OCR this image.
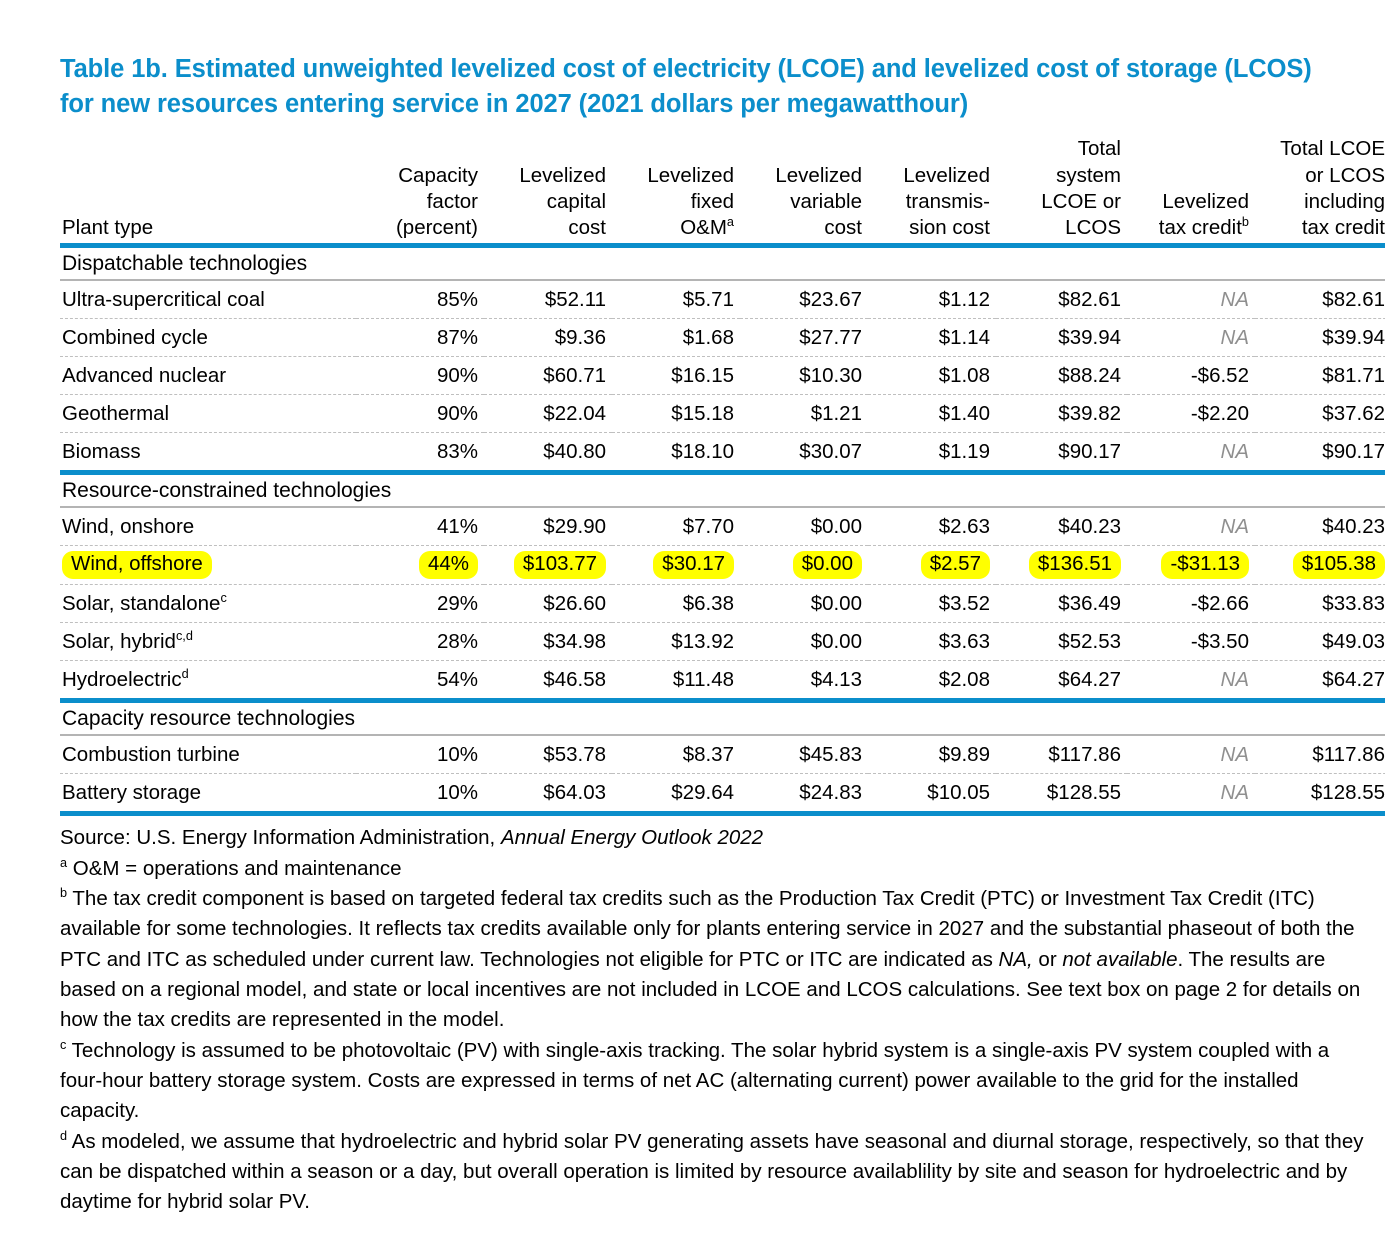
Table 1b. Estimated unweighted levelized cost of electricity (LCOE) and levelized cost of storage (LCOS) for new resources entering service in 2027 (2021 dollars per megawatthour)
Plant type	Capacity
factor
(percent)	Levelized
capital
cost	Levelized
fixed
$O\&M^a$	Levelized
variable
cost	Levelized
transmis-
sion cost	Total
system
LCOE or
LCOS	Levelized
tax credit$^b$	Total LCOE
or LCOS
including
tax credit
Dispatchable technologies								
Ultra-supercritical coal	85%	$52.11	$5.71	$23.67	$1.12	$82.61	NA	$82.61
Combined cycle	87%	$9.36	$1.68	$27.77	$1.14	$39.94	NA	$39.94
Advanced nuclear	90%	$60.71	$16.15	$10.30	$1.08	$88.24	-$6.52	$81.71
Geothermal	90%	$22.04	$15.18	$1.21	$1.40	$39.82	-$2.20	$37.62
Biomass	83%	$40.80	$18.10	$30.07	$1.19	$90.17	NA	$90.17
Resource-constrained technologies								
Wind, onshore	41%	$29.90	$7.70	$0.00	$2.63	$40.23	NA	$40.23
Wind, offshore	44%	$103.77	$30.17	$0.00	$2.57	$136.51	-$31.13	$105.38
Solar, standalone$^c$	29%	$26.60	$6.38	$0.00	$3.52	$36.49	-$2.66	$33.83
Solar, hybrid$^{c,d}$	28%	$34.98	$13.92	$0.00	$3.63	$52.53	-$3.50	$49.03
Hydroelectric$^d$	54%	$46.58	$11.48	$4.13	$2.08	$64.27	NA	$64.27
Capacity resource technologies								
Combustion turbine	10%	$53.78	$8.37	$45.83	$9.89	$117.86	NA	$117.86
Battery storage	10%	$64.03	$29.64	$24.83	$10.05	$128.55	NA	$128.55

Source: U.S. Energy Information Administration, Annual Energy Outlook 2022

$^a$ O&M = operations and maintenance

$^b$ The tax credit component is based on targeted federal tax credits such as the Production Tax Credit (PTC) or Investment Tax Credit (ITC) available for some technologies. It reflects tax credits available only for plants entering service in 2027 and the substantial phaseout of both the PTC and ITC as scheduled under current law. Technologies not eligible for PTC or ITC are indicated as NA, or not available. The results are based on a regional model, and state or local incentives are not included in LCOE and LCOS calculations. See text box on page 2 for details on how the tax credits are represented in the model.

$^c$ Technology is assumed to be photovoltaic (PV) with single-axis tracking. The solar hybrid system is a single-axis PV system coupled with a four-hour battery storage system. Costs are expressed in terms of net AC (alternating current) power available to the grid for the installed capacity.

$^d$ As modeled, we assume that hydroelectric and hybrid solar PV generating assets have seasonal and diurnal storage, respectively, so that they can be dispatched within a season or a day, but overall operation is limited by resource availablility by site and season for hydroelectric and by daytime for hybrid solar PV.
